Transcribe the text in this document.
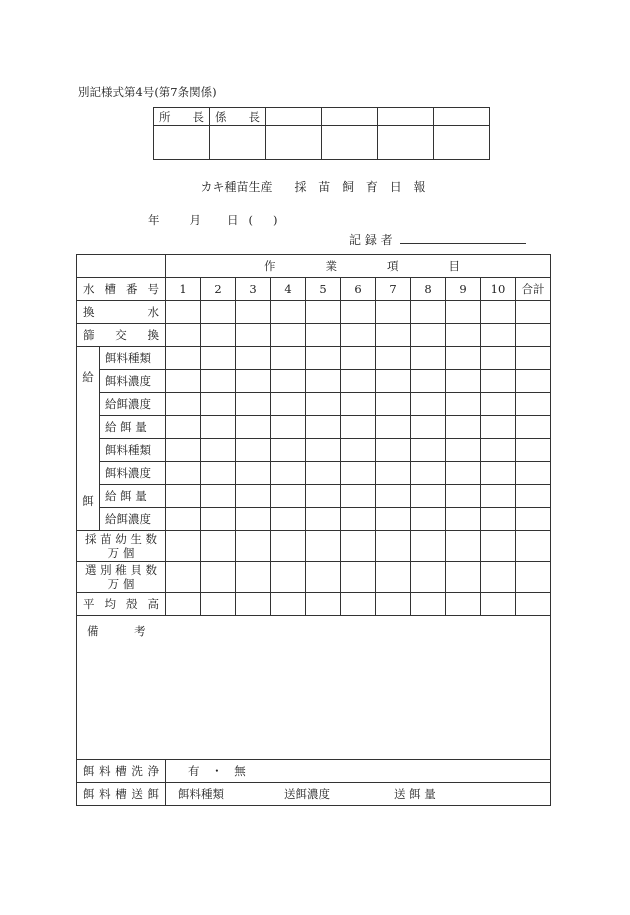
別記様式第4号(第7条関係)
所 長	係 長				

カキ種苗生産 採 苗 飼 育 日 報
年	月 日 ( )
記 録 者

		作 業 項 目										

水 槽 番 号		1	2	3	4	5	6	7	8	9	10	合計

換 水												

篩 交 換												

給
餌	餌料種類											
	餌料濃度											
	給餌濃度											
	給 餌 量											
	餌料種類											
	餌料濃度											
	給 餌 量											
	給餌濃度											

採 苗 幼 生 数
万 個												

選 別 稚 貝 数
万 個												

平 均 殻 高												

備 考												

餌 料 槽 洗 浄		有 ・ 無										

餌 料 槽 送 餌		餌料種類 送餌濃度 送 餌 量										
